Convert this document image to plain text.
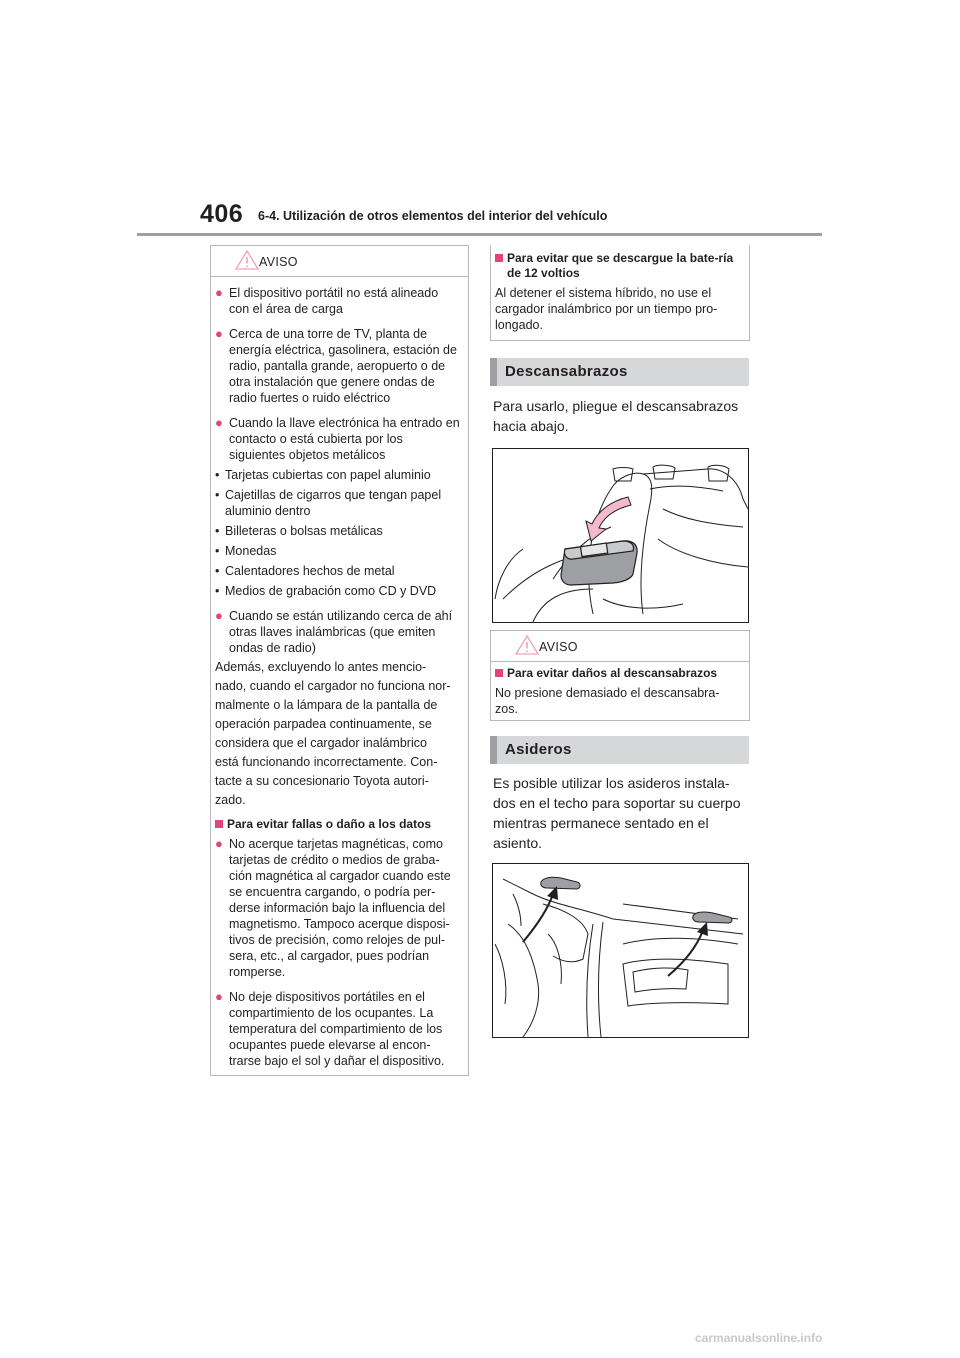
406 6-4. Utilización de otros elementos del interior del vehículo
AVISO
● El dispositivo portátil no está alineado con el área de carga
● Cerca de una torre de TV, planta de energía eléctrica, gasolinera, estación de radio, pantalla grande, aeropuerto o de otra instalación que genere ondas de radio fuertes o ruido eléctrico
● Cuando la llave electrónica ha entrado en contacto o está cubierta por los siguientes objetos metálicos
• Tarjetas cubiertas con papel aluminio
• Cajetillas de cigarros que tengan papel aluminio dentro
• Billeteras o bolsas metálicas
• Monedas
• Calentadores hechos de metal
• Medios de grabación como CD y DVD
● Cuando se están utilizando cerca de ahí otras llaves inalámbricas (que emiten ondas de radio)
Además, excluyendo lo antes mencio-
nado, cuando el cargador no funciona nor-
malmente o la lámpara de la pantalla de
operación parpadea continuamente, se
considera que el cargador inalámbrico
está funcionando incorrectamente. Con-
tacte a su concesionario Toyota autori-
zado.
Para evitar fallas o daño a los datos
● No acerque tarjetas magnéticas, como tarjetas de crédito o medios de graba-ción magnética al cargador cuando este se encuentra cargando, o podría per-derse información bajo la influencia del magnetismo. Tampoco acerque disposi-tivos de precisión, como relojes de pul-sera, etc., al cargador, pues podrían romperse.
● No deje dispositivos portátiles en el compartimiento de los ocupantes. La temperatura del compartimiento de los ocupantes puede elevarse al encon-trarse bajo el sol y dañar el dispositivo.
Para evitar que se descargue la bate-ría de 12 voltios
Al detener el sistema híbrido, no use el cargador inalámbrico por un tiempo pro-longado.
Descansabrazos
Para usarlo, pliegue el descansabrazos
hacia abajo.
AVISO
Para evitar daños al descansabrazos
No presione demasiado el descansabra-zos.
Asideros
Es posible utilizar los asideros instala-
dos en el techo para soportar su cuerpo
mientras permanece sentado en el
asiento.
carmanualsonline.info
